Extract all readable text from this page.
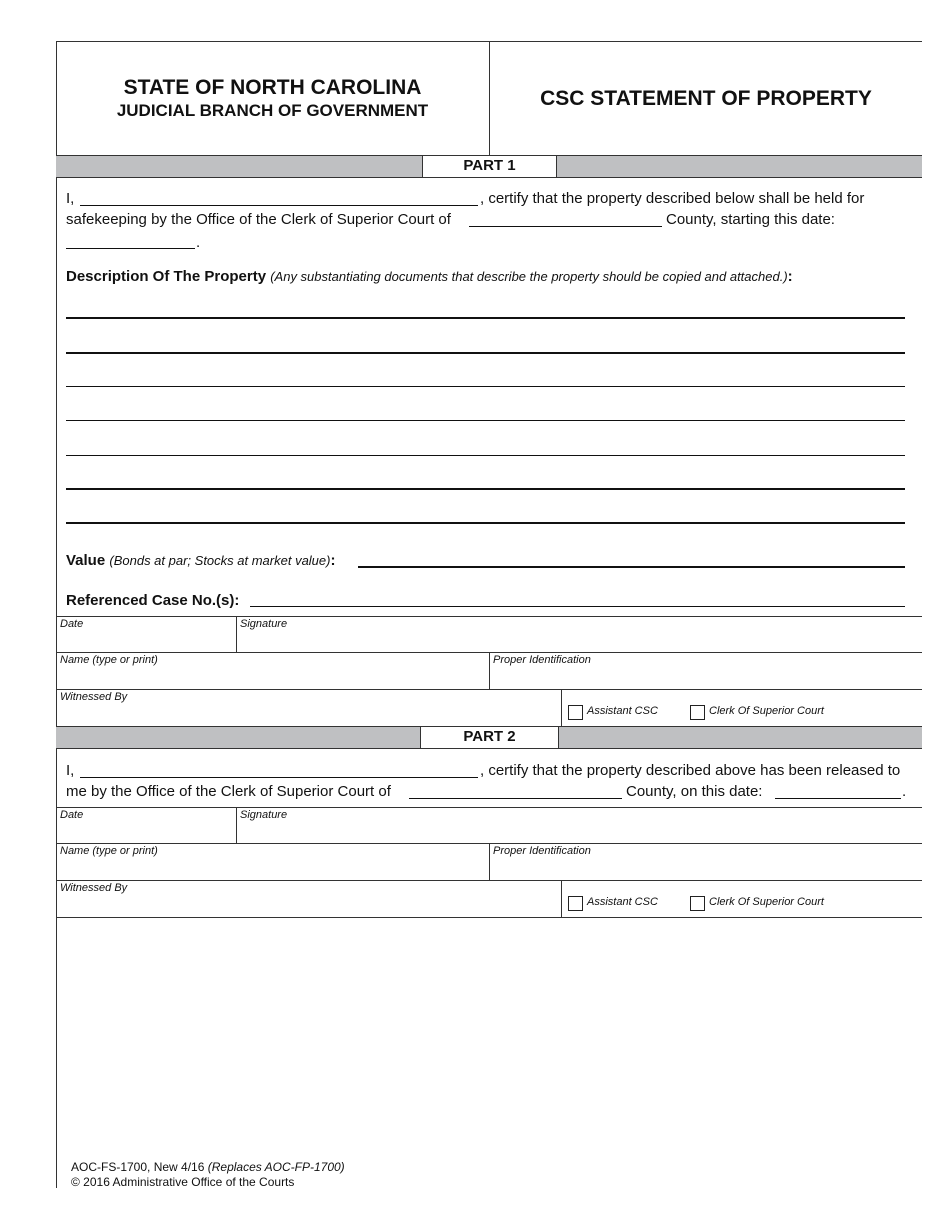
STATE OF NORTH CAROLINA
JUDICIAL BRANCH OF GOVERNMENT
CSC STATEMENT OF PROPERTY
PART 1
I,	, certify that the property described below shall be held for
safekeeping by the Office of the Clerk of Superior Court of	County, starting this date:
.
Description Of The Property (Any substantiating documents that describe the property should be copied and attached.):
Value (Bonds at par; Stocks at market value):
Referenced Case No.(s):
Date	Signature
Name (type or print)	Proper Identification
Witnessed By
Assistant CSC	Clerk Of Superior Court
PART 2
I,	, certify that the property described above has been released to
me by the Office of the Clerk of Superior Court of	County, on this date:	.
Date	Signature
Name (type or print)	Proper Identification
Witnessed By
Assistant CSC	Clerk Of Superior Court
AOC-FS-1700, New 4/16 (Replaces AOC-FP-1700)
© 2016 Administrative Office of the Courts
